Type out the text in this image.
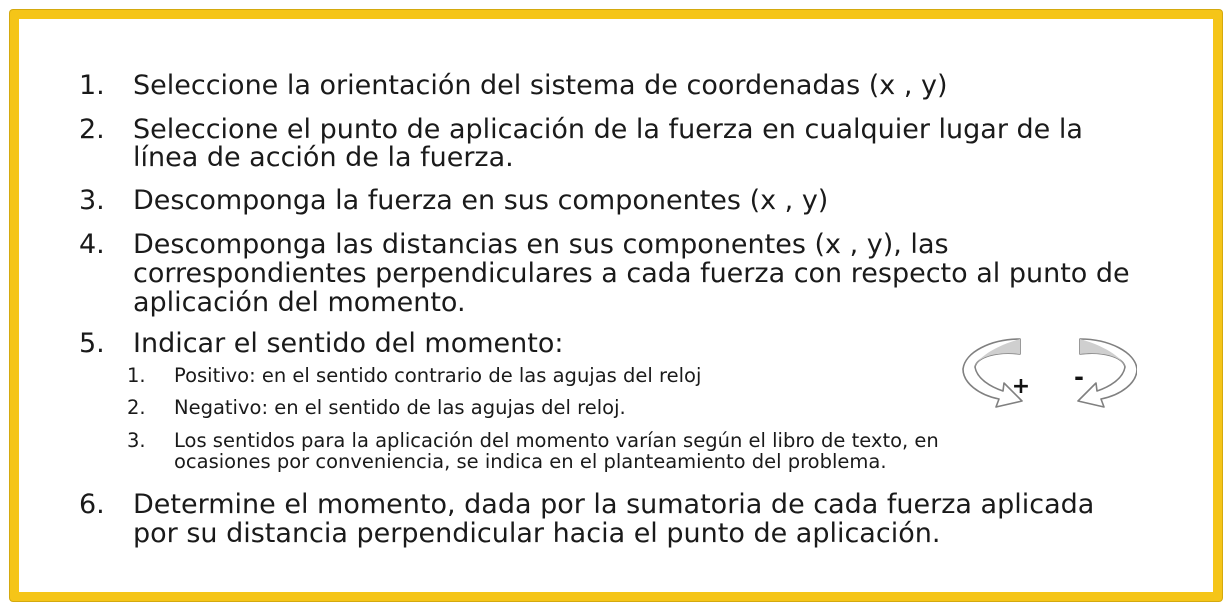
1.	Seleccione la orientación del sistema de coordenadas (x , y)
2.	Seleccione el punto de aplicación de la fuerza en cualquier lugar de la
línea de acción de la fuerza.
3.	Descomponga la fuerza en sus componentes (x , y)
4.	Descomponga las distancias en sus componentes (x , y), las
correspondientes perpendiculares a cada fuerza con respecto al punto de
aplicación del momento.
5.	Indicar el sentido del momento:
1.	Positivo: en el sentido contrario de las agujas del reloj
2.	Negativo: en el sentido de las agujas del reloj.
3.	Los sentidos para la aplicación del momento varían según el libro de texto, en
ocasiones por conveniencia, se indica en el planteamiento del problema.
6.	Determine el momento, dada por la sumatoria de cada fuerza aplicada
por su distancia perpendicular hacia el punto de aplicación.
+ -
